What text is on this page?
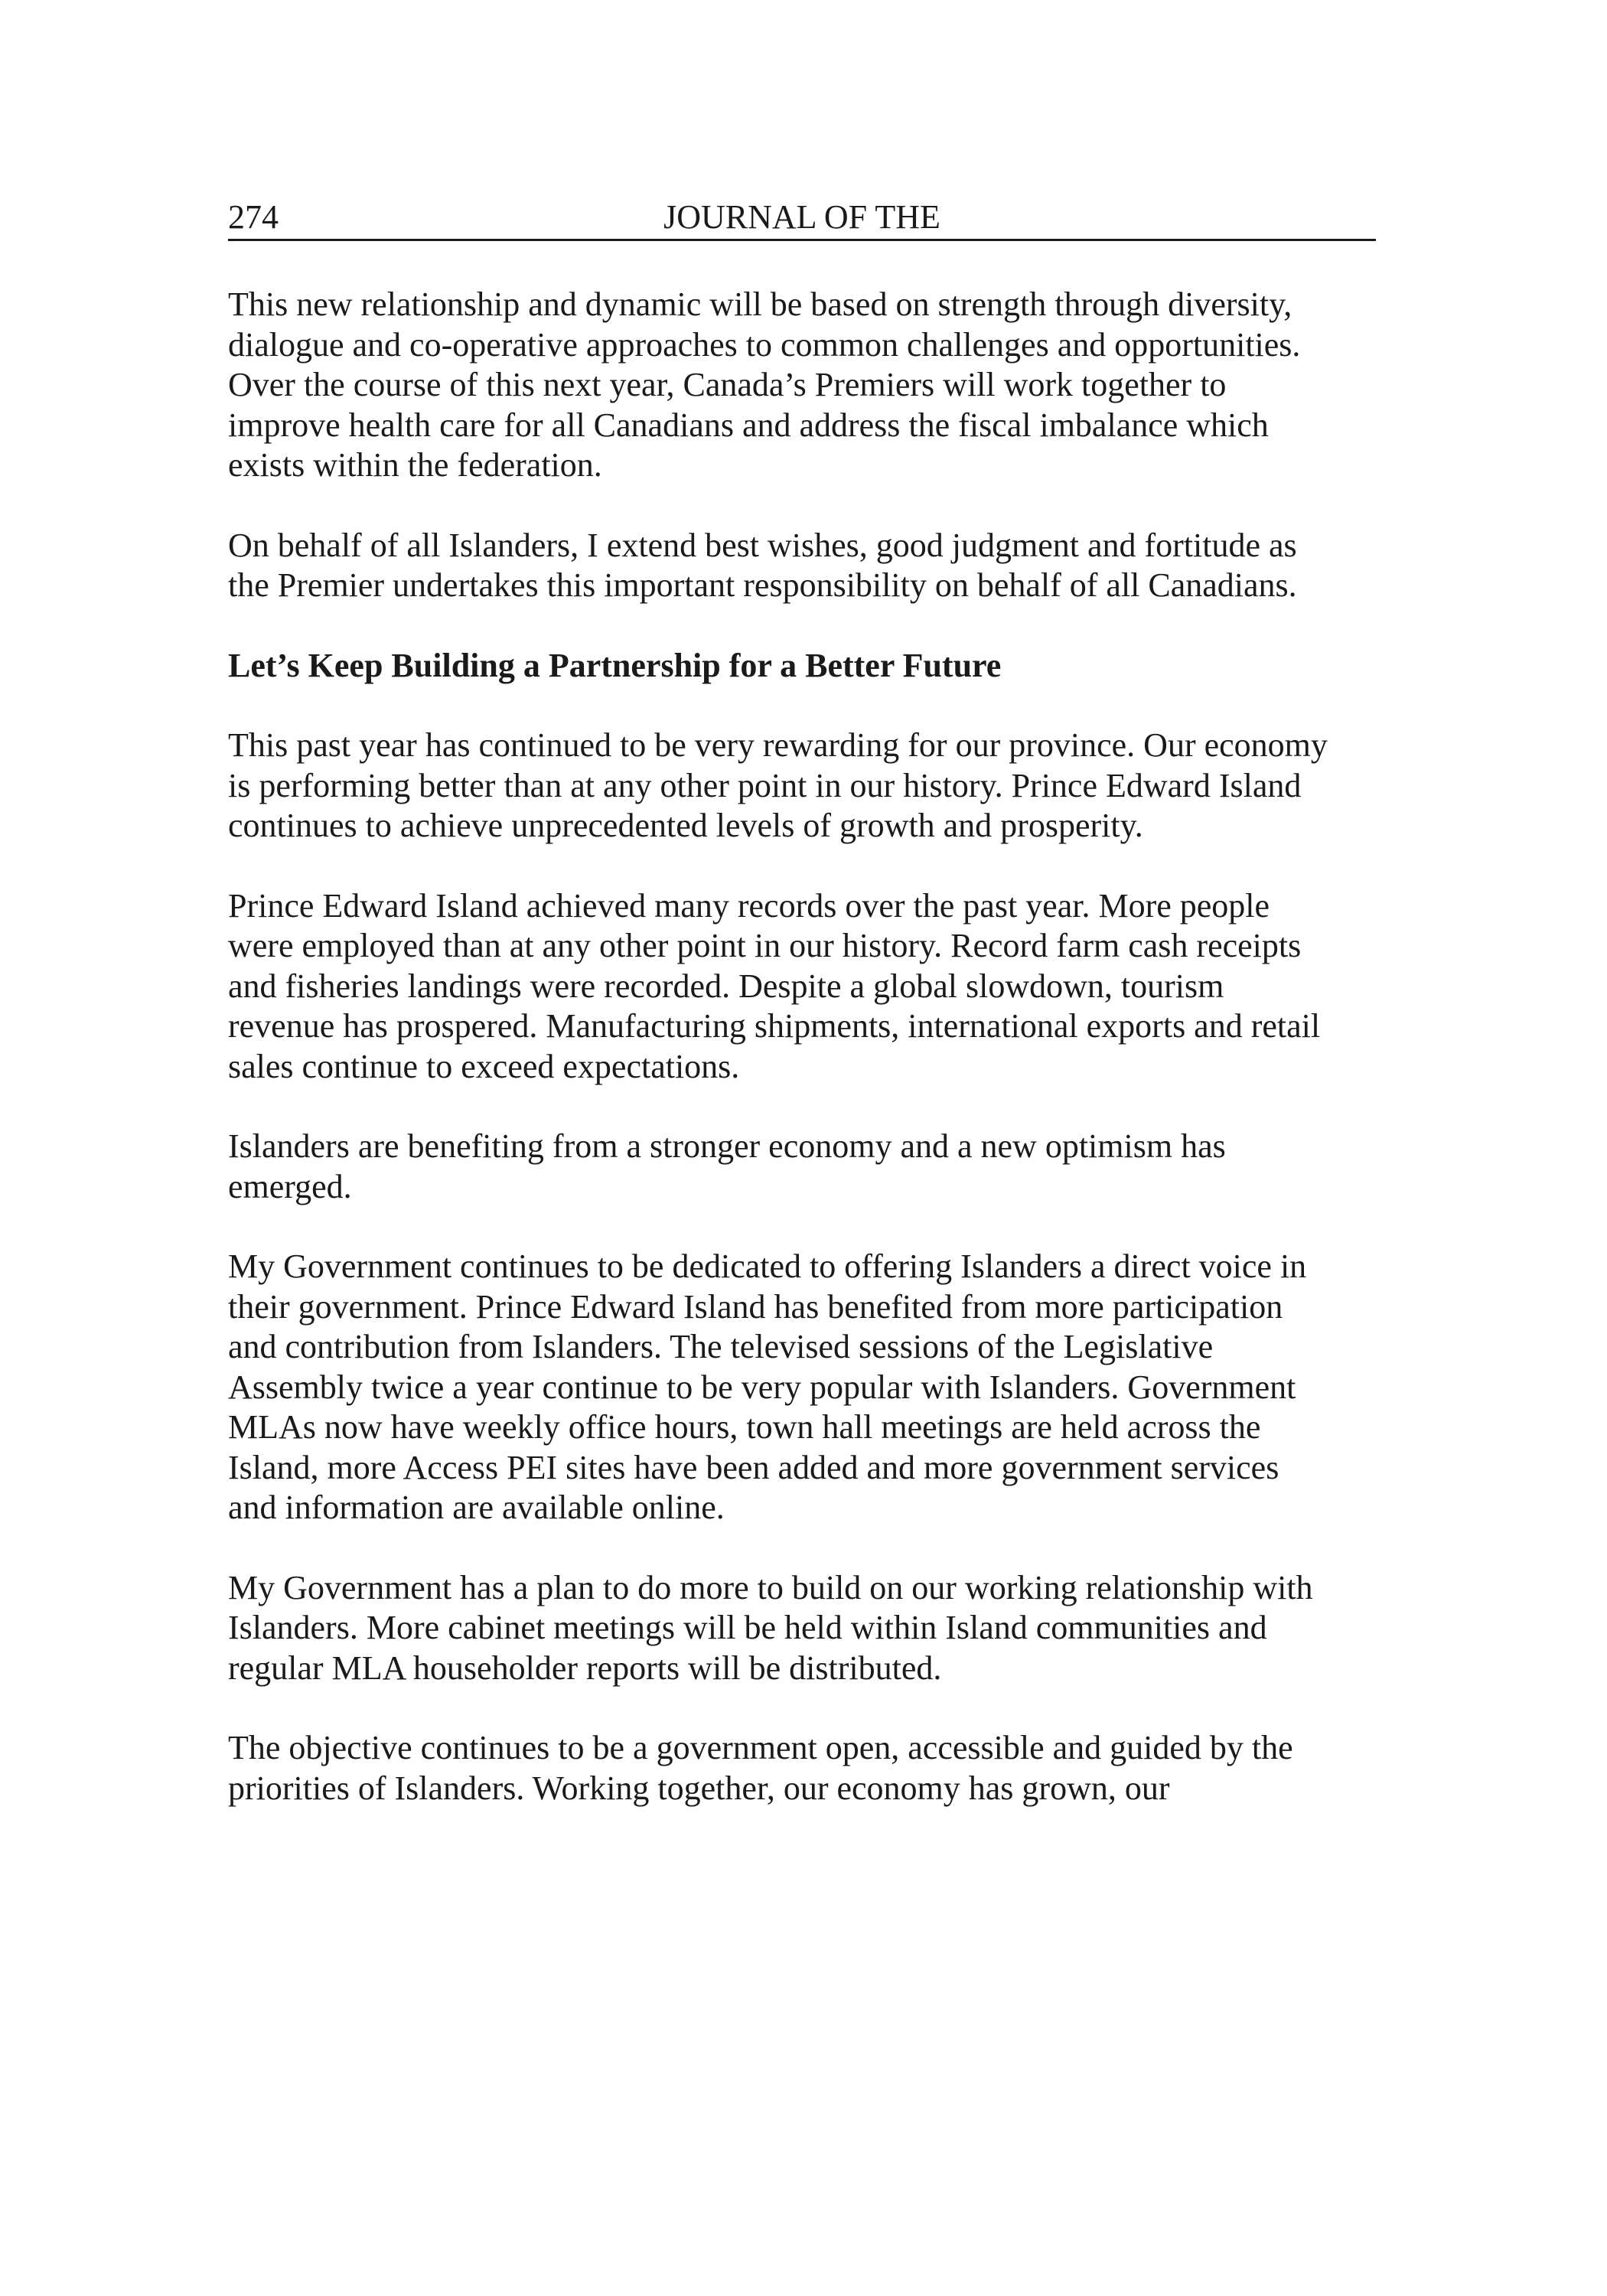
274	JOURNAL OF THE

This new relationship and dynamic will be based on strength through diversity,
dialogue and co-operative approaches to common challenges and opportunities.
Over the course of this next year, Canada’s Premiers will work together to
improve health care for all Canadians and address the fiscal imbalance which
exists within the federation.

On behalf of all Islanders, I extend best wishes, good judgment and fortitude as
the Premier undertakes this important responsibility on behalf of all Canadians.

Let’s Keep Building a Partnership for a Better Future

This past year has continued to be very rewarding for our province. Our economy
is performing better than at any other point in our history. Prince Edward Island
continues to achieve unprecedented levels of growth and prosperity.

Prince Edward Island achieved many records over the past year. More people
were employed than at any other point in our history. Record farm cash receipts
and fisheries landings were recorded. Despite a global slowdown, tourism
revenue has prospered. Manufacturing shipments, international exports and retail
sales continue to exceed expectations.

Islanders are benefiting from a stronger economy and a new optimism has
emerged.

My Government continues to be dedicated to offering Islanders a direct voice in
their government. Prince Edward Island has benefited from more participation
and contribution from Islanders. The televised sessions of the Legislative
Assembly twice a year continue to be very popular with Islanders. Government
MLAs now have weekly office hours, town hall meetings are held across the
Island, more Access PEI sites have been added and more government services
and information are available online.

My Government has a plan to do more to build on our working relationship with
Islanders. More cabinet meetings will be held within Island communities and
regular MLA householder reports will be distributed.

The objective continues to be a government open, accessible and guided by the
priorities of Islanders. Working together, our economy has grown, our
